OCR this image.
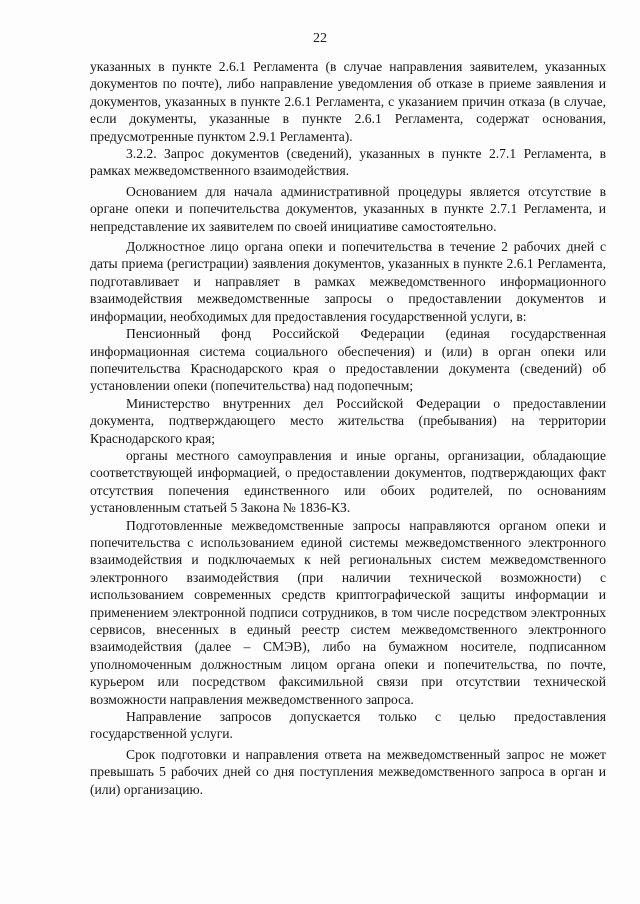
22

указанных в пункте 2.6.1 Регламента (в случае направления заявителем, указанных документов по почте), либо направление уведомления об отказе в приеме заявления и документов, указанных в пункте 2.6.1 Регламента, с указанием причин отказа (в случае, если документы, указанные в пункте 2.6.1 Регламента, содержат основания, предусмотренные пунктом 2.9.1 Регламента).

3.2.2. Запрос документов (сведений), указанных в пункте 2.7.1 Регламента, в рамках межведомственного взаимодействия.

Основанием для начала административной процедуры является отсутствие в органе опеки и попечительства документов, указанных в пункте 2.7.1 Регламента, и непредставление их заявителем по своей инициативе самостоятельно.

Должностное лицо органа опеки и попечительства в течение 2 рабочих дней с даты приема (регистрации) заявления документов, указанных в пункте 2.6.1 Регламента, подготавливает и направляет в рамках межведомственного информационного взаимодействия межведомственные запросы о предоставлении документов и информации, необходимых для предоставления государственной услуги, в:

Пенсионный фонд Российской Федерации (единая государственная информационная система социального обеспечения) и (или) в орган опеки или попечительства Краснодарского края о предоставлении документа (сведений) об установлении опеки (попечительства) над подопечным;

Министерство внутренних дел Российской Федерации о предоставлении документа, подтверждающего место жительства (пребывания) на территории Краснодарского края;

органы местного самоуправления и иные органы, организации, обладающие соответствующей информацией, о предоставлении документов, подтверждающих факт отсутствия попечения единственного или обоих родителей, по основаниям установленным статьей 5 Закона № 1836-КЗ.

Подготовленные межведомственные запросы направляются органом опеки и попечительства с использованием единой системы межведомственного электронного взаимодействия и подключаемых к ней региональных систем межведомственного электронного взаимодействия (при наличии технической возможности) с использованием современных средств криптографической защиты информации и применением электронной подписи сотрудников, в том числе посредством электронных сервисов, внесенных в единый реестр систем межведомственного электронного взаимодействия (далее – СМЭВ), либо на бумажном носителе, подписанном уполномоченным должностным лицом органа опеки и попечительства, по почте, курьером или посредством факсимильной связи при отсутствии технической возможности направления межведомственного запроса.

Направление запросов допускается только с целью предоставления государственной услуги.

Срок подготовки и направления ответа на межведомственный запрос не может превышать 5 рабочих дней со дня поступления межведомственного запроса в орган и (или) организацию.
